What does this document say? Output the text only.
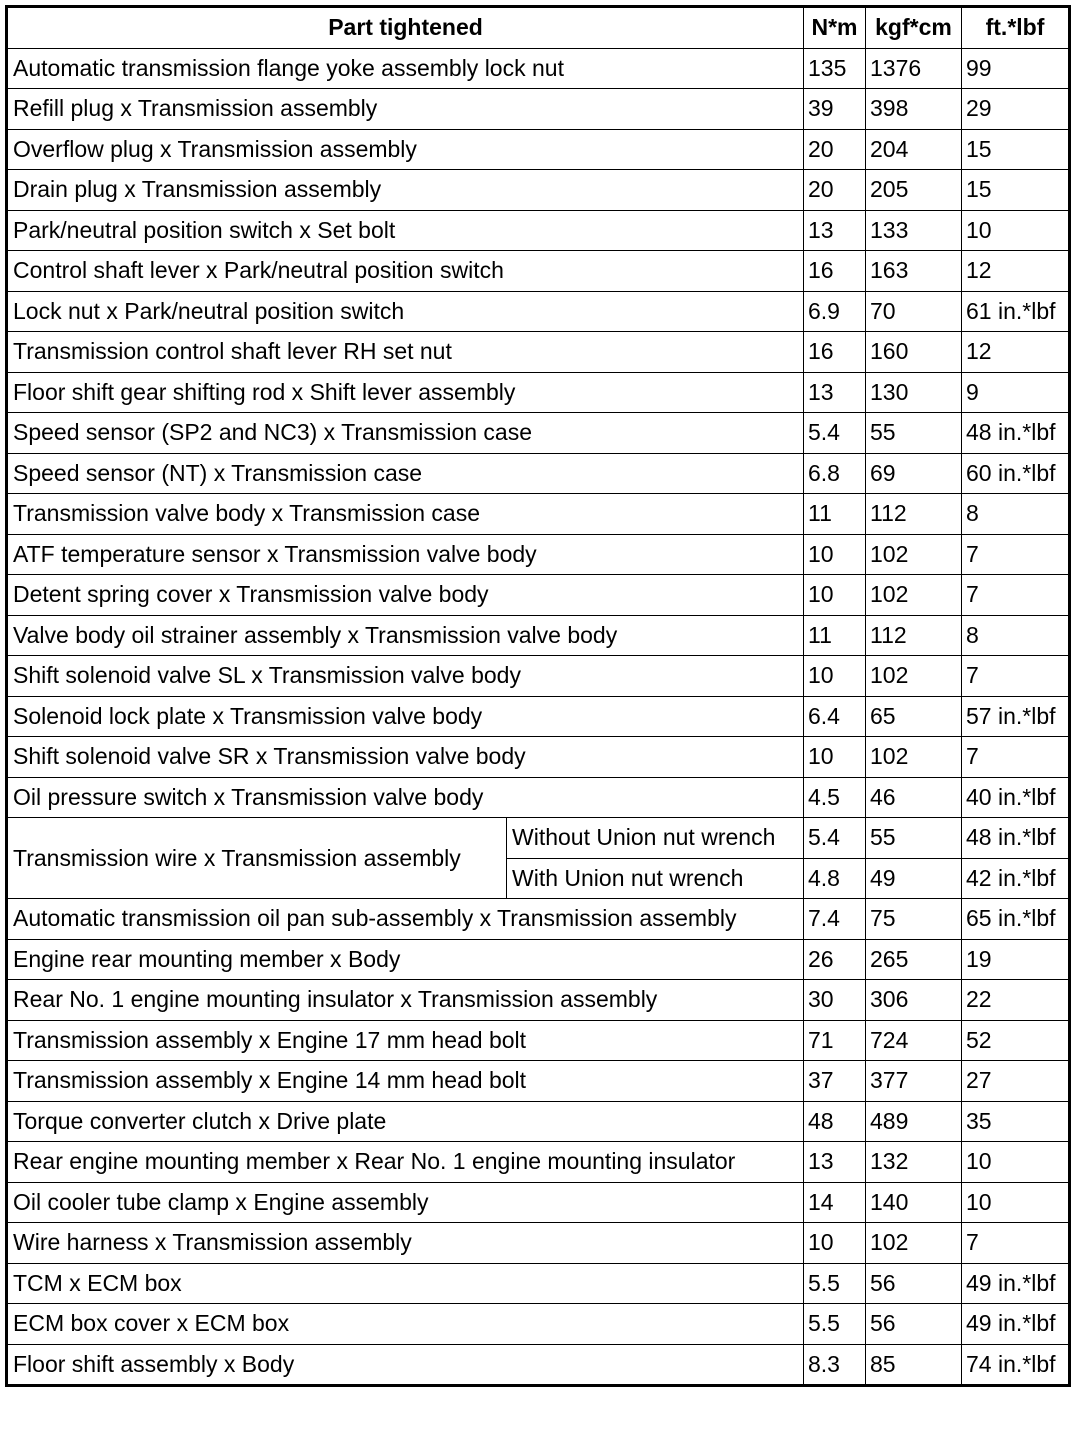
Part tightened		N*m	kgf*cm	ft.*lbf
Automatic transmission flange yoke assembly lock nut		135	1376	99
Refill plug x Transmission assembly		39	398	29
Overflow plug x Transmission assembly		20	204	15
Drain plug x Transmission assembly		20	205	15
Park/neutral position switch x Set bolt		13	133	10
Control shaft lever x Park/neutral position switch		16	163	12
Lock nut x Park/neutral position switch		6.9	70	61 in.*lbf
Transmission control shaft lever RH set nut		16	160	12
Floor shift gear shifting rod x Shift lever assembly		13	130	9
Speed sensor (SP2 and NC3) x Transmission case		5.4	55	48 in.*lbf
Speed sensor (NT) x Transmission case		6.8	69	60 in.*lbf
Transmission valve body x Transmission case		11	112	8
ATF temperature sensor x Transmission valve body		10	102	7
Detent spring cover x Transmission valve body		10	102	7
Valve body oil strainer assembly x Transmission valve body		11	112	8
Shift solenoid valve SL x Transmission valve body		10	102	7
Solenoid lock plate x Transmission valve body		6.4	65	57 in.*lbf
Shift solenoid valve SR x Transmission valve body		10	102	7
Oil pressure switch x Transmission valve body		4.5	46	40 in.*lbf
Transmission wire x Transmission assembly	Without Union nut wrench	5.4	55	48 in.*lbf
	With Union nut wrench	4.8	49	42 in.*lbf
Automatic transmission oil pan sub-assembly x Transmission assembly		7.4	75	65 in.*lbf
Engine rear mounting member x Body		26	265	19
Rear No. 1 engine mounting insulator x Transmission assembly		30	306	22
Transmission assembly x Engine 17 mm head bolt		71	724	52
Transmission assembly x Engine 14 mm head bolt		37	377	27
Torque converter clutch x Drive plate		48	489	35
Rear engine mounting member x Rear No. 1 engine mounting insulator		13	132	10
Oil cooler tube clamp x Engine assembly		14	140	10
Wire harness x Transmission assembly		10	102	7
TCM x ECM box		5.5	56	49 in.*lbf
ECM box cover x ECM box		5.5	56	49 in.*lbf
Floor shift assembly x Body		8.3	85	74 in.*lbf
